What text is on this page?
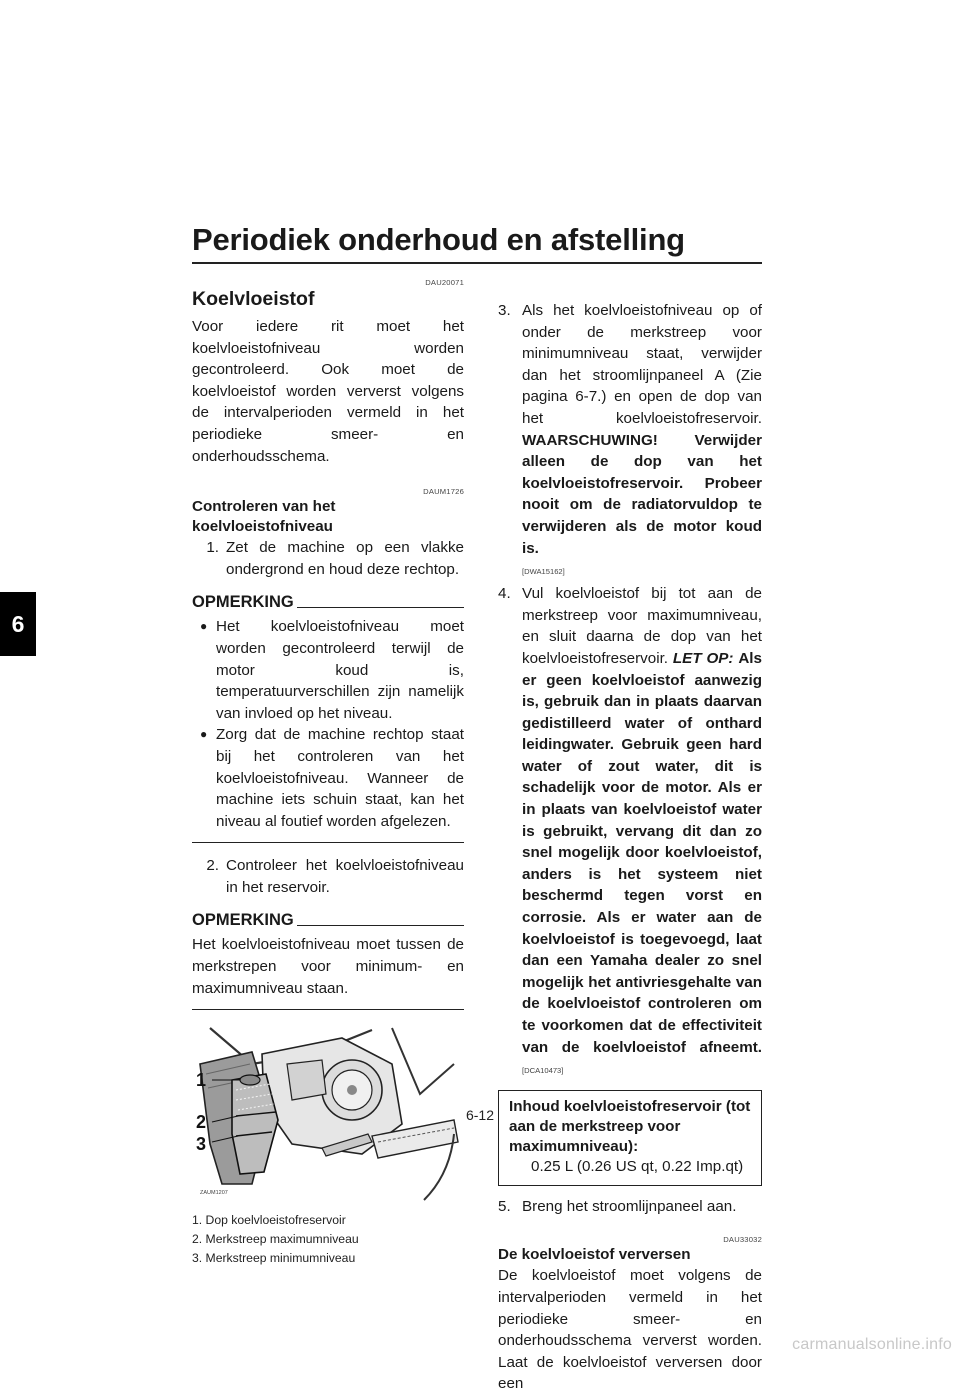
Periodiek onderhoud en afstelling
6
DAU20071
Koelvloeistof

Voor iedere rit moet het koelvloeistofniveau worden gecontroleerd. Ook moet de koelvloeistof worden ververst volgens de intervalperioden vermeld in het periodieke smeer- en onderhoudsschema.

DAUM1726
Controleren van het koelvloeistofniveau
1. Zet de machine op een vlakke ondergrond en houd deze rechtop.
OPMERKING
● Het koelvloeistofniveau moet worden gecontroleerd terwijl de motor koud is, temperatuurverschillen zijn namelijk van invloed op het niveau.
● Zorg dat de machine rechtop staat bij het controleren van het koelvloeistofniveau. Wanneer de machine iets schuin staat, kan het niveau al foutief worden afgelezen.
2. Controleer het koelvloeistofniveau in het reservoir.
OPMERKING

Het koelvloeistofniveau moet tussen de merkstrepen voor minimum- en maximumniveau staan.

1
2
3
ZAUM1207
1. Dop koelvloeistofreservoir
2. Merkstreep maximumniveau
3. Merkstreep minimumniveau
3. Als het koelvloeistofniveau op of onder de merkstreep voor minimumniveau staat, verwijder dan het stroomlijnpaneel A (Zie pagina 6-7.) en open de dop van het koelvloeistofreservoir. WAARSCHUWING! Verwijder alleen de dop van het koelvloeistofreservoir. Probeer nooit om de radiatorvuldop te verwijderen als de motor koud is.
[DWA15162]
4. Vul koelvloeistof bij tot aan de merkstreep voor maximumniveau, en sluit daarna de dop van het koelvloeistofreservoir. LET OP: Als er geen koelvloeistof aanwezig is, gebruik dan in plaats daarvan gedistilleerd water of onthard leidingwater. Gebruik geen hard water of zout water, dit is schadelijk voor de motor. Als er in plaats van koelvloeistof water is gebruikt, vervang dit dan zo snel mogelijk door koelvloeistof, anders is het systeem niet beschermd tegen vorst en corrosie. Als er water aan de koelvloeistof is toegevoegd, laat dan een Yamaha dealer zo snel mogelijk het antivriesgehalte van de koelvloeistof controleren om te voorkomen dat de effectiviteit van de koelvloeistof afneemt. [DCA10473]
Inhoud koelvloeistofreservoir (tot aan de merkstreep voor maximumniveau):
0.25 L (0.26 US qt, 0.22 Imp.qt)
5. Breng het stroomlijnpaneel aan.
DAU33032
De koelvloeistof verversen

De koelvloeistof moet volgens de intervalperioden vermeld in het periodieke smeer- en onderhoudsschema ververst worden. Laat de koelvloeistof verversen door een

6-12
carmanualsonline.info
